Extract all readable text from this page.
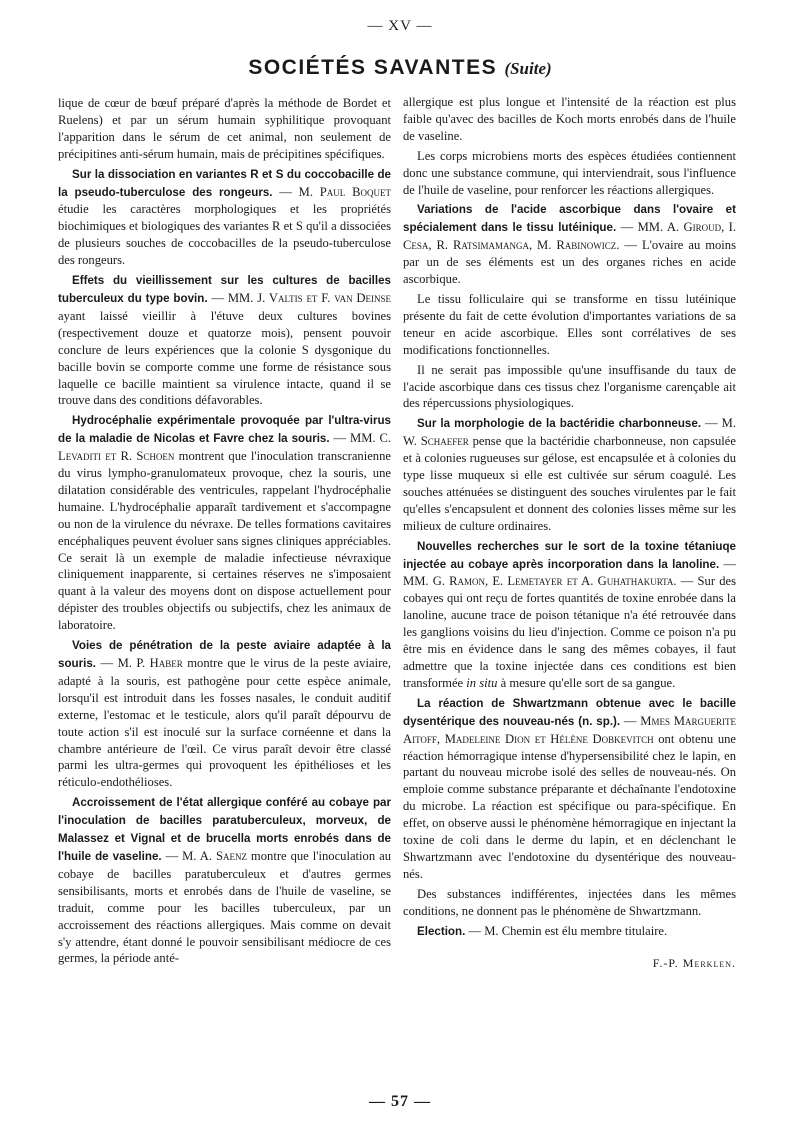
— XV —
SOCIÉTÉS SAVANTES (Suite)

lique de cœur de bœuf préparé d'après la méthode de Bordet et Ruelens) et par un sérum humain syphilitique provoquant l'apparition dans le sérum de cet animal, non seulement de précipitines anti-sérum humain, mais de précipitines spécifiques.

Sur la dissociation en variantes R et S du coccobacille de la pseudo-tuberculose des rongeurs. — M. Paul Boquet étudie les caractères morphologiques et les propriétés biochimiques et biologiques des variantes R et S qu'il a dissociées de plusieurs souches de coccobacilles de la pseudo-tuberculose des rongeurs.

Effets du vieillissement sur les cultures de bacilles tuberculeux du type bovin. — MM. J. Valtis et F. van Deinse ayant laissé vieillir à l'étuve deux cultures bovines (respectivement douze et quatorze mois), pensent pouvoir conclure de leurs expériences que la colonie S dysgonique du bacille bovin se comporte comme une forme de résistance sous laquelle ce bacille maintient sa virulence intacte, quand il se trouve dans des conditions défavorables.

Hydrocéphalie expérimentale provoquée par l'ultra-virus de la maladie de Nicolas et Favre chez la souris. — MM. C. Levaditi et R. Schoen montrent que l'inoculation transcranienne du virus lympho-granulomateux provoque, chez la souris, une dilatation considérable des ventricules, rappelant l'hydrocéphalie humaine. L'hydrocéphalie apparaît tardivement et s'accompagne ou non de la virulence du névraxe. De telles formations cavitaires encéphaliques peuvent évoluer sans signes cliniques appréciables. Ce serait là un exemple de maladie infectieuse névraxique cliniquement inapparente, si certaines réserves ne s'imposaient quant à la valeur des moyens dont on dispose actuellement pour dépister des troubles objectifs ou subjectifs, chez les animaux de laboratoire.

Voies de pénétration de la peste aviaire adaptée à la souris. — M. P. Haber montre que le virus de la peste aviaire, adapté à la souris, est pathogène pour cette espèce animale, lorsqu'il est introduit dans les fosses nasales, le conduit auditif externe, l'estomac et le testicule, alors qu'il paraît dépourvu de toute action s'il est inoculé sur la surface cornéenne et dans la chambre antérieure de l'œil. Ce virus paraît devoir être classé parmi les ultra-germes qui provoquent les épithélioses et les réticulo-endothélioses.

Accroissement de l'état allergique conféré au cobaye par l'inoculation de bacilles paratuberculeux, morveux, de Malassez et Vignal et de brucella morts enrobés dans de l'huile de vaseline. — M. A. Saenz montre que l'inoculation au cobaye de bacilles paratuberculeux et d'autres germes sensibilisants, morts et enrobés dans de l'huile de vaseline, se traduit, comme pour les bacilles tuberculeux, par un accroissement des réactions allergiques. Mais comme on devait s'y attendre, étant donné le pouvoir sensibilisant médiocre de ces germes, la période anté-

allergique est plus longue et l'intensité de la réaction est plus faible qu'avec des bacilles de Koch morts enrobés dans de l'huile de vaseline.

Les corps microbiens morts des espèces étudiées contiennent donc une substance commune, qui interviendrait, sous l'influence de l'huile de vaseline, pour renforcer les réactions allergiques.

Variations de l'acide ascorbique dans l'ovaire et spécialement dans le tissu lutéinique. — MM. A. Giroud, I. Cesa, R. Ratsimamanga, M. Rabinowicz. — L'ovaire au moins par un de ses éléments est un des organes riches en acide ascorbique.

Le tissu folliculaire qui se transforme en tissu lutéinique présente du fait de cette évolution d'importantes variations de sa teneur en acide ascorbique. Elles sont corrélatives de ses modifications fonctionnelles.

Il ne serait pas impossible qu'une insuffisande du taux de l'acide ascorbique dans ces tissus chez l'organisme carençable ait des répercussions physiologiques.

Sur la morphologie de la bactéridie charbonneuse. — M. W. Schaefer pense que la bactéridie charbonneuse, non capsulée et à colonies rugueuses sur gélose, est encapsulée et à colonies du type lisse muqueux si elle est cultivée sur sérum coagulé. Les souches atténuées se distinguent des souches virulentes par le fait qu'elles s'encapsulent et donnent des colonies lisses même sur les milieux de culture ordinaires.

Nouvelles recherches sur le sort de la toxine tétaniuqe injectée au cobaye après incorporation dans la lanoline. — MM. G. Ramon, E. Lemetayer et A. Guhathakurta. — Sur des cobayes qui ont reçu de fortes quantités de toxine enrobée dans la lanoline, aucune trace de poison tétanique n'a été retrouvée dans les ganglions voisins du lieu d'injection. Comme ce poison n'a pu être mis en évidence dans le sang des mêmes cobayes, il faut admettre que la toxine injectée dans ces conditions est bien transformée in situ à mesure qu'elle sort de sa gangue.

La réaction de Shwartzmann obtenue avec le bacille dysentérique des nouveau-nés (n. sp.). — Mmes Marguerite Aitoff, Madeleine Dion et Hélène Dobkevitch ont obtenu une réaction hémorragique intense d'hypersensibilité chez le lapin, en partant du nouveau microbe isolé des selles de nouveau-nés. On emploie comme substance préparante et déchaînante l'endotoxine du microbe. La réaction est spécifique ou para-spécifique. En effet, on observe aussi le phénomène hémorragique en injectant la toxine de coli dans le derme du lapin, et en déclenchant le Shwartzmann avec l'endotoxine du dysentérique des nouveau-nés.

Des substances indifférentes, injectées dans les mêmes conditions, ne donnent pas le phénomène de Shwartzmann.

Election. — M. Chemin est élu membre titulaire.

F.-P. Merklen.
— 57 —
